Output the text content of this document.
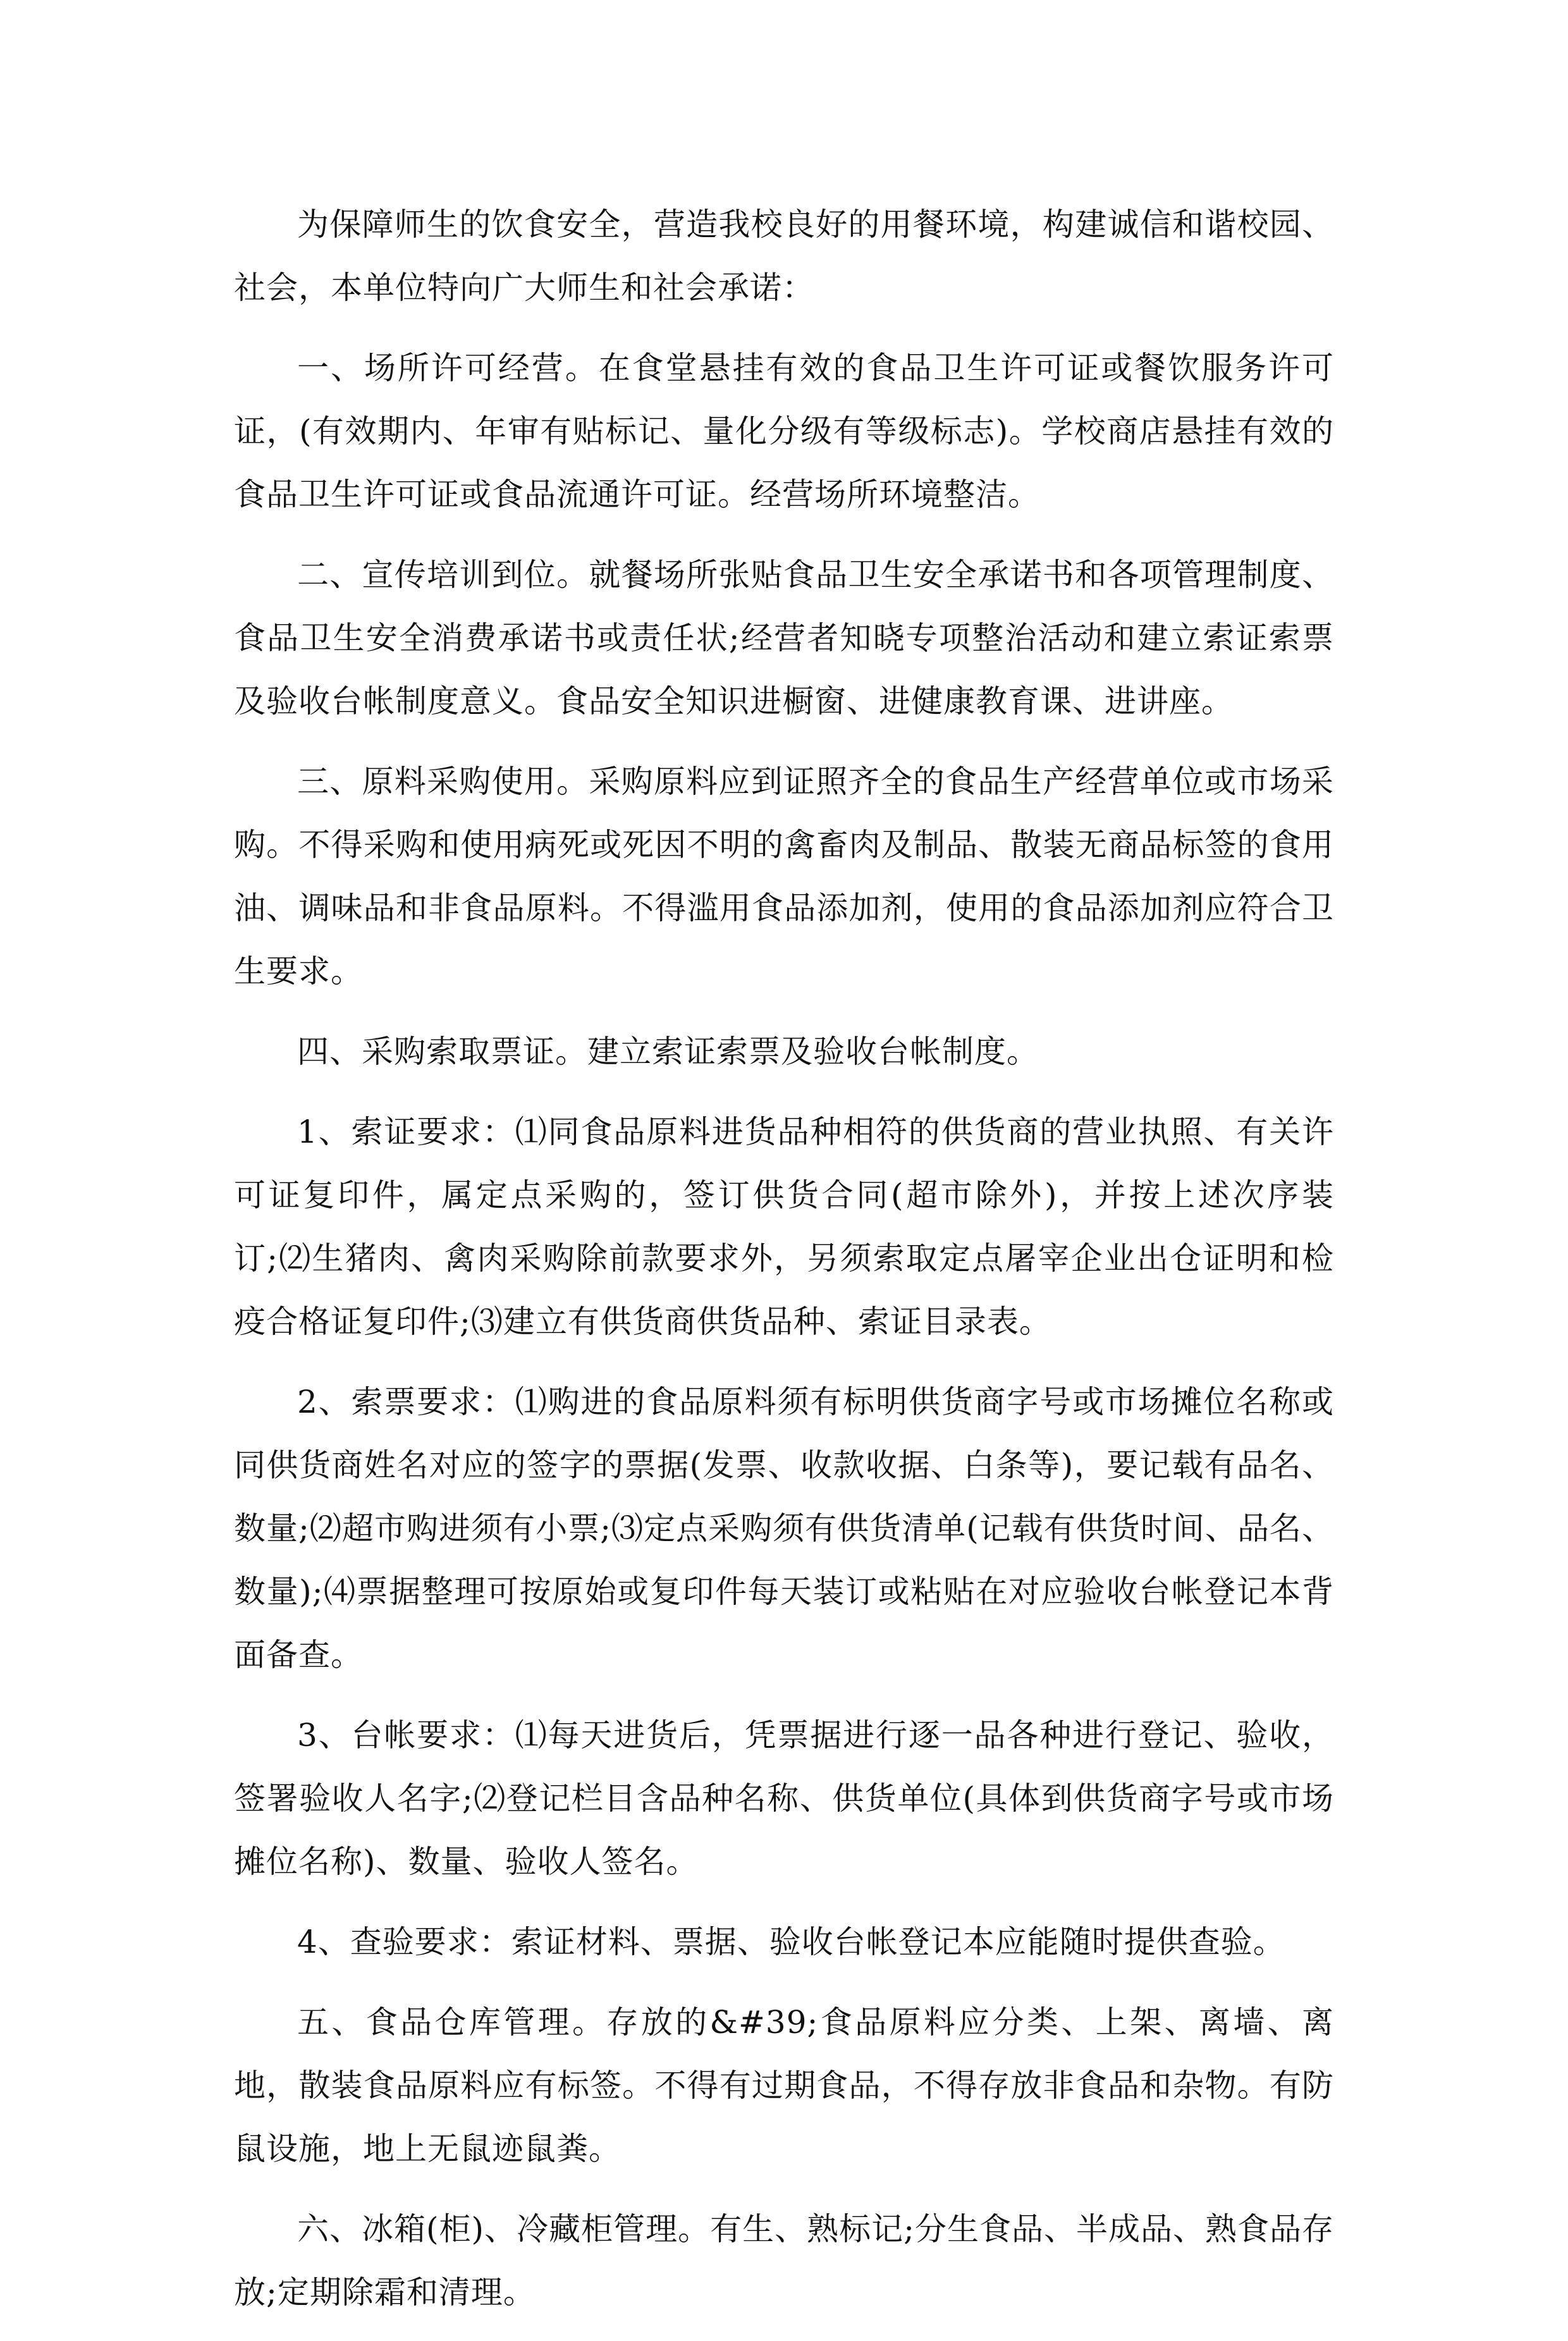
为保障师生的饮食安全，营造我校良好的用餐环境，构建诚信和谐校园、社会，本单位特向广大师生和社会承诺：

一、场所许可经营。在食堂悬挂有效的食品卫生许可证或餐饮服务许可证，(有效期内、年审有贴标记、量化分级有等级标志)。学校商店悬挂有效的食品卫生许可证或食品流通许可证。经营场所环境整洁。

二、宣传培训到位。就餐场所张贴食品卫生安全承诺书和各项管理制度、食品卫生安全消费承诺书或责任状;经营者知晓专项整治活动和建立索证索票及验收台帐制度意义。食品安全知识进橱窗、进健康教育课、进讲座。

三、原料采购使用。采购原料应到证照齐全的食品生产经营单位或市场采购。不得采购和使用病死或死因不明的禽畜肉及制品、散装无商品标签的食用油、调味品和非食品原料。不得滥用食品添加剂，使用的食品添加剂应符合卫生要求。

四、采购索取票证。建立索证索票及验收台帐制度。

1、索证要求：⑴同食品原料进货品种相符的供货商的营业执照、有关许可证复印件，属定点采购的，签订供货合同(超市除外)，并按上述次序装订;⑵生猪肉、禽肉采购除前款要求外，另须索取定点屠宰企业出仓证明和检疫合格证复印件;⑶建立有供货商供货品种、索证目录表。

2、索票要求：⑴购进的食品原料须有标明供货商字号或市场摊位名称或同供货商姓名对应的签字的票据(发票、收款收据、白条等)，要记载有品名、数量;⑵超市购进须有小票;⑶定点采购须有供货清单(记载有供货时间、品名、数量);⑷票据整理可按原始或复印件每天装订或粘贴在对应验收台帐登记本背面备查。

3、台帐要求：⑴每天进货后，凭票据进行逐一品各种进行登记、验收，签署验收人名字;⑵登记栏目含品种名称、供货单位(具体到供货商字号或市场摊位名称)、数量、验收人签名。

4、查验要求：索证材料、票据、验收台帐登记本应能随时提供查验。

五、食品仓库管理。存放的&#39;食品原料应分类、上架、离墙、离地，散装食品原料应有标签。不得有过期食品，不得存放非食品和杂物。有防鼠设施，地上无鼠迹鼠粪。

六、冰箱(柜)、冷藏柜管理。有生、熟标记;分生食品、半成品、熟食品存放;定期除霜和清理。
